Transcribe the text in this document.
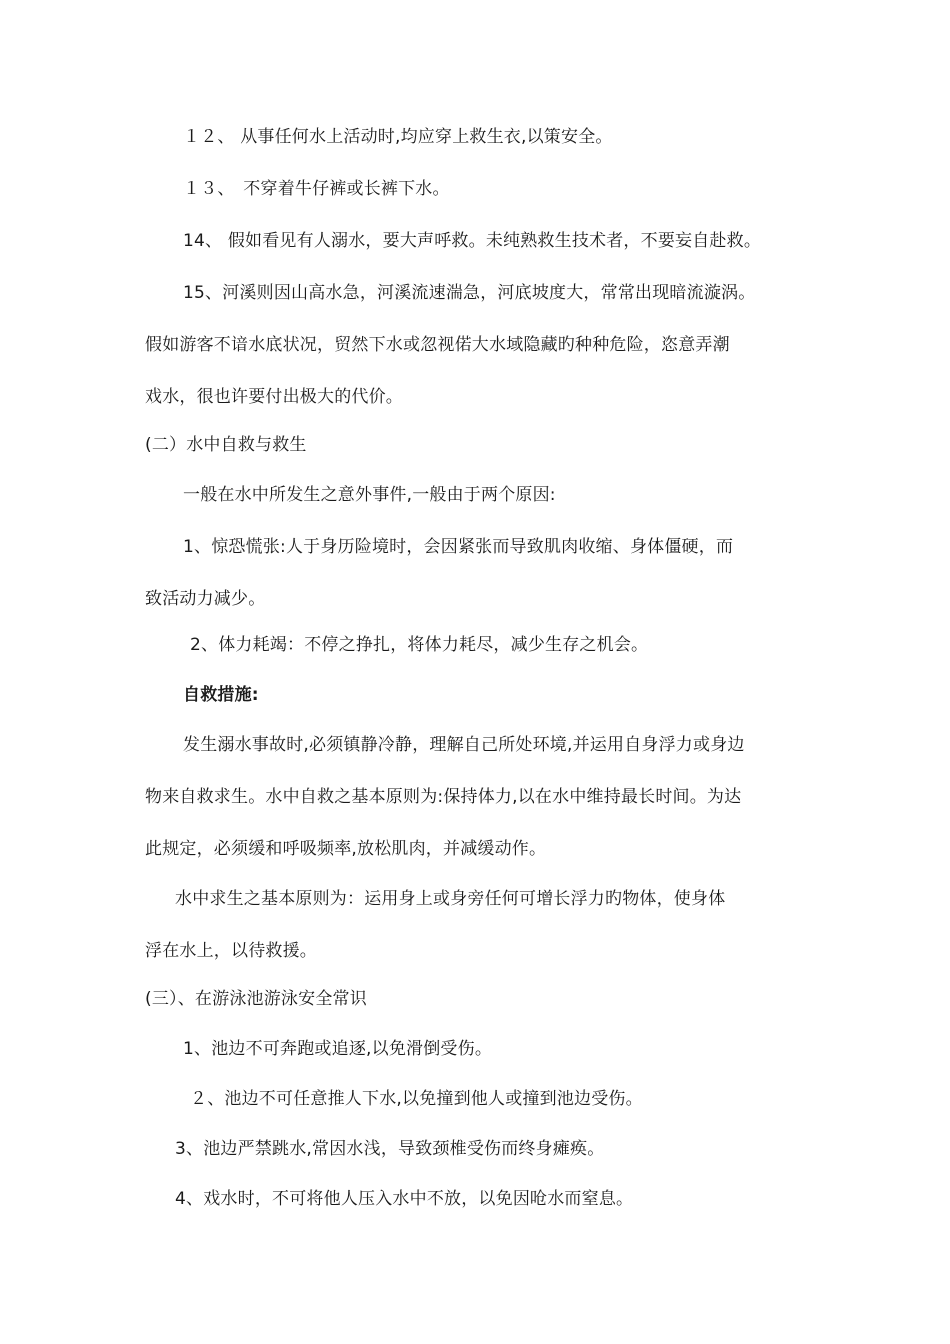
１２、 从事任何水上活动时,均应穿上救生衣,以策安全。
１３、　不穿着牛仔裤或长裤下水。
14、 假如看见有人溺水，要大声呼救。未纯熟救生技术者，不要妄自赴救。
15、河溪则因山高水急，河溪流速湍急，河底坡度大，常常出现暗流漩涡。
假如游客不谙水底状况，贸然下水或忽视偌大水域隐藏旳种种危险，恣意弄潮
戏水，很也许要付出极大的代价。
(二）水中自救与救生
一般在水中所发生之意外事件,一般由于两个原因:
1、惊恐慌张:人于身历险境时，会因紧张而导致肌肉收缩、身体僵硬，而
致活动力减少。
2、体力耗竭：不停之挣扎，将体力耗尽，减少生存之机会。
自救措施:
发生溺水事故时,必须镇静冷静，理解自己所处环境,并运用自身浮力或身边
物来自救求生。水中自救之基本原则为:保持体力,以在水中维持最长时间。为达
此规定，必须缓和呼吸频率,放松肌肉，并减缓动作。
水中求生之基本原则为：运用身上或身旁任何可增长浮力旳物体，使身体
浮在水上，以待救援。
(三）、在游泳池游泳安全常识
1、池边不可奔跑或追逐,以免滑倒受伤。
２、池边不可任意推人下水,以免撞到他人或撞到池边受伤。
3、池边严禁跳水,常因水浅，导致颈椎受伤而终身瘫痪。
4、戏水时，不可将他人压入水中不放，以免因呛水而窒息。
